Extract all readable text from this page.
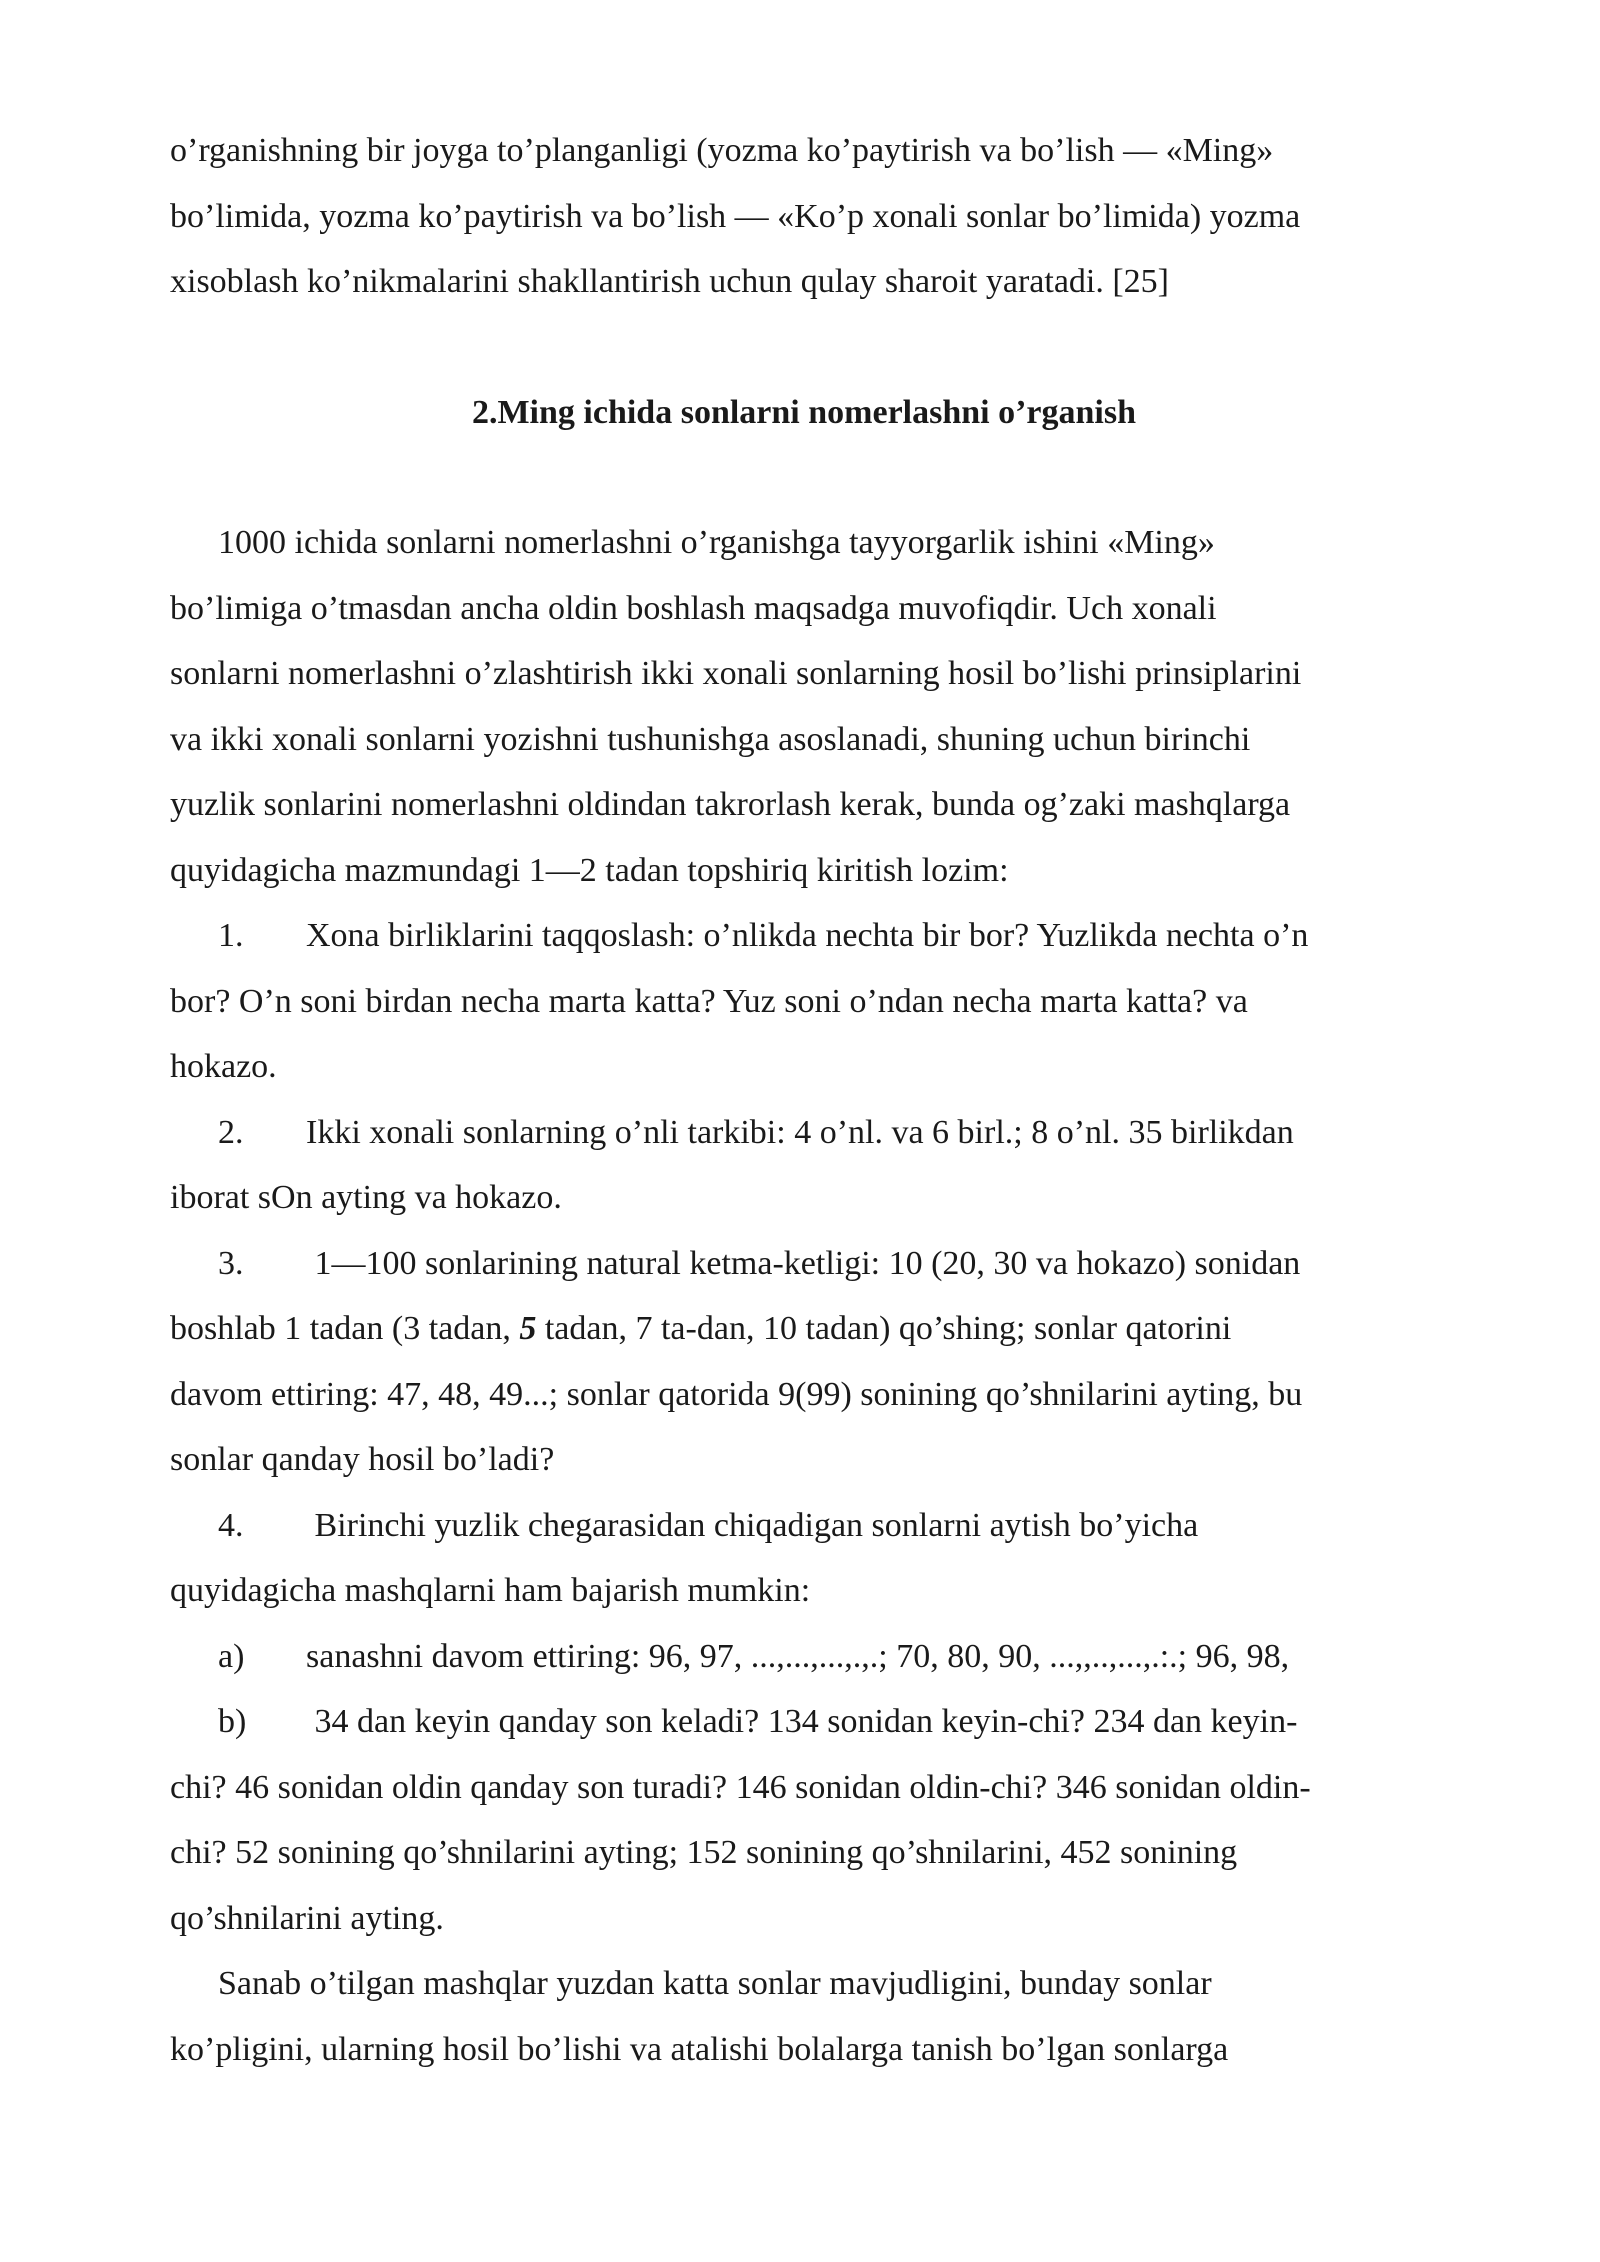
o’rganishning bir joyga to’planganligi (yozma ko’paytirish va bo’lish — «Ming»
bo’limida, yozma ko’paytirish va bo’lish — «Ko’p xonali sonlar bo’limida) yozma
xisoblash ko’nikmalarini shakllantirish uchun qulay sharoit yaratadi. [25]
2.Ming ichida sonlarni nomerlashni o’rganish
1000 ichida sonlarni nomerlashni o’rganishga tayyorgarlik ishini «Ming»
bo’limiga o’tmasdan ancha oldin boshlash maqsadga muvofiqdir. Uch xonali
sonlarni nomerlashni o’zlashtirish ikki xonali sonlarning hosil bo’lishi prinsiplarini
va ikki xonali sonlarni yozishni tushunishga asoslanadi, shuning uchun birinchi
yuzlik sonlarini nomerlashni oldindan takrorlash kerak, bunda og’zaki mashqlarga
quyidagicha mazmundagi 1—2 tadan topshiriq kiritish lozim:
1. Xona birliklarini taqqoslash: o’nlikda nechta bir bor? Yuzlikda nechta o’n
bor? O’n soni birdan necha marta katta? Yuz soni o’ndan necha marta katta? va
hokazo.
2. Ikki xonali sonlarning o’nli tarkibi: 4 o’nl. va 6 birl.; 8 o’nl. 35 birlikdan
iborat sOn ayting va hokazo.
3. 1—100 sonlarining natural ketma-ketligi: 10 (20, 30 va hokazo) sonidan
boshlab 1 tadan (3 tadan, 5 tadan, 7 ta-dan, 10 tadan) qo’shing; sonlar qatorini
davom ettiring: 47, 48, 49...; sonlar qatorida 9(99) sonining qo’shnilarini ayting, bu
sonlar qanday hosil bo’ladi?
4. Birinchi yuzlik chegarasidan chiqadigan sonlarni aytish bo’yicha
quyidagicha mashqlarni ham bajarish mumkin:
a) sanashni davom ettiring: 96, 97, ...,...,...,.,.; 70, 80, 90, ...,,..,...,.:.; 96, 98,
b) 34 dan keyin qanday son keladi? 134 sonidan keyin-chi? 234 dan keyin-
chi? 46 sonidan oldin qanday son turadi? 146 sonidan oldin-chi? 346 sonidan oldin-
chi? 52 sonining qo’shnilarini ayting; 152 sonining qo’shnilarini, 452 sonining
qo’shnilarini ayting.
Sanab o’tilgan mashqlar yuzdan katta sonlar mavjudligini, bunday sonlar
ko’pligini, ularning hosil bo’lishi va atalishi bolalarga tanish bo’lgan sonlarga
